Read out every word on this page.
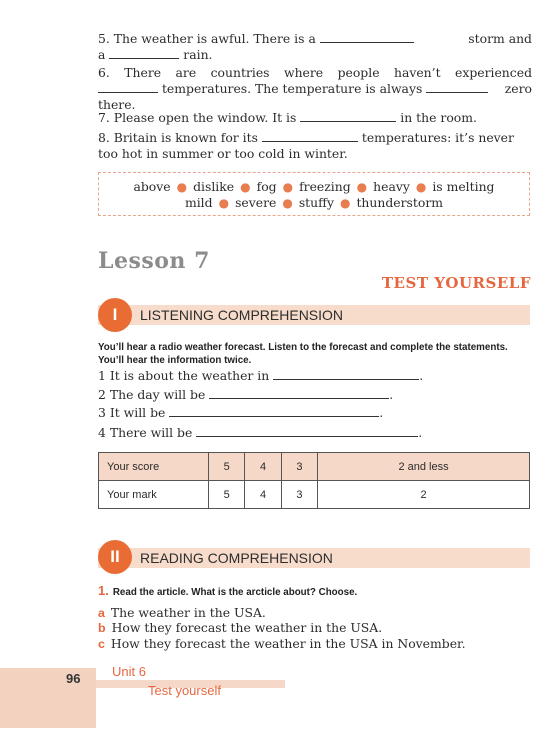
5. The weather is awful. There is a	storm and

a	rain.

6. There are countries where people haven’t experienced

temperatures. The temperature is always	zero

there.

7. Please open the window. It is	in the room.

8. Britain is known for its	temperatures: it’s never

too hot in summer or too cold in winter.

above ● dislike ● fog ● freezing ● heavy ● is melting
mild ● severe ● stuffy ● thunderstorm
Lesson 7
TEST YOURSELF
I	LISTENING COMPREHENSION
You’ll hear a radio weather forecast. Listen to the forecast and complete the statements. You’ll hear the information twice.
1 It is about the weather in	.
2 The day will be	.
3 It will be	.
4 There will be	.
Your score	5	4	3	2 and less
Your mark	5	4	3	2
II	READING COMPREHENSION
1. Read the article. What is the arcticle about? Choose.
a The weather in the USA.
b How they forecast the weather in the USA.
c How they forecast the weather in the USA in November.
96 Unit 6
Test yourself
